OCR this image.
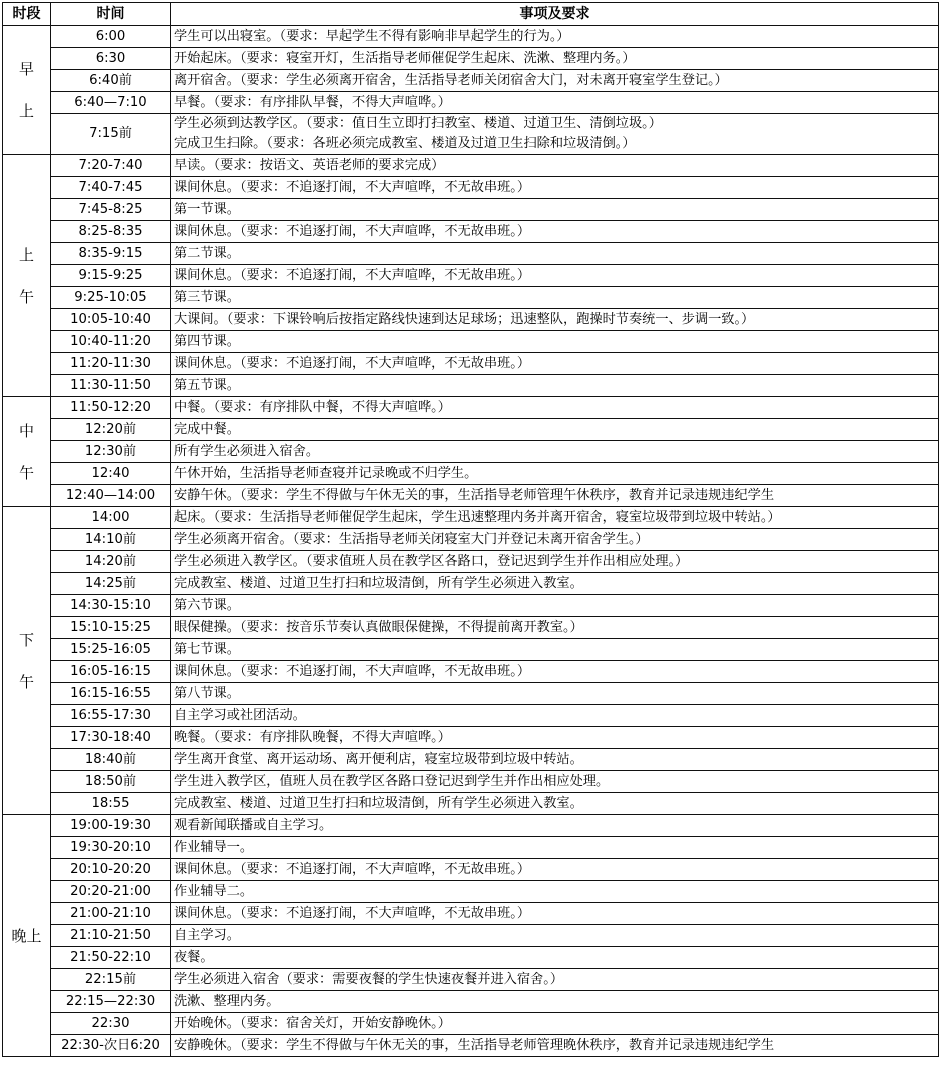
时段	时间	事项及要求

早
上	6:00	学生可以出寝室。（要求：早起学生不得有影响非早起学生的行为。）
	6:30	开始起床。（要求：寝室开灯，生活指导老师催促学生起床、洗漱、整理内务。）
	6:40前	离开宿舍。（要求：学生必须离开宿舍，生活指导老师关闭宿舍大门，对未离开寝室学生登记。）
	6:40—7:10	早餐。（要求：有序排队早餐，不得大声喧哗。）
	7:15前	学生必须到达教学区。（要求：值日生立即打扫教室、楼道、过道卫生、清倒垃圾。）
完成卫生扫除。（要求：各班必须完成教室、楼道及过道卫生扫除和垃圾清倒。）

上
午	7:20-7:40	早读。（要求：按语文、英语老师的要求完成）
	7:40-7:45	课间休息。（要求：不追逐打闹，不大声喧哗，不无故串班。）
	7:45-8:25	第一节课。
	8:25-8:35	课间休息。（要求：不追逐打闹，不大声喧哗，不无故串班。）
	8:35-9:15	第二节课。
	9:15-9:25	课间休息。（要求：不追逐打闹，不大声喧哗，不无故串班。）
	9:25-10:05	第三节课。
	10:05-10:40	大课间。（要求：下课铃响后按指定路线快速到达足球场；迅速整队，跑操时节奏统一、步调一致。）
	10:40-11:20	第四节课。
	11:20-11:30	课间休息。（要求：不追逐打闹，不大声喧哗，不无故串班。）
	11:30-11:50	第五节课。

中
午	11:50-12:20	中餐。（要求：有序排队中餐，不得大声喧哗。）
	12:20前	完成中餐。
	12:30前	所有学生必须进入宿舍。
	12:40	午休开始，生活指导老师查寝并记录晚或不归学生。
	12:40—14:00	安静午休。（要求：学生不得做与午休无关的事，生活指导老师管理午休秩序，教育并记录违规违纪学生

下
午	14:00	起床。（要求：生活指导老师催促学生起床，学生迅速整理内务并离开宿舍，寝室垃圾带到垃圾中转站。）
	14:10前	学生必须离开宿舍。（要求：生活指导老师关闭寝室大门并登记未离开宿舍学生。）
	14:20前	学生必须进入教学区。（要求值班人员在教学区各路口，登记迟到学生并作出相应处理。）
	14:25前	完成教室、楼道、过道卫生打扫和垃圾清倒，所有学生必须进入教室。
	14:30-15:10	第六节课。
	15:10-15:25	眼保健操。（要求：按音乐节奏认真做眼保健操，不得提前离开教室。）
	15:25-16:05	第七节课。
	16:05-16:15	课间休息。（要求：不追逐打闹，不大声喧哗，不无故串班。）
	16:15-16:55	第八节课。
	16:55-17:30	自主学习或社团活动。
	17:30-18:40	晚餐。（要求：有序排队晚餐，不得大声喧哗。）
	18:40前	学生离开食堂、离开运动场、离开便利店，寝室垃圾带到垃圾中转站。
	18:50前	学生进入教学区，值班人员在教学区各路口登记迟到学生并作出相应处理。
	18:55	完成教室、楼道、过道卫生打扫和垃圾清倒，所有学生必须进入教室。

晚上	19:00-19:30	观看新闻联播或自主学习。
	19:30-20:10	作业辅导一。
	20:10-20:20	课间休息。（要求：不追逐打闹，不大声喧哗，不无故串班。）
	20:20-21:00	作业辅导二。
	21:00-21:10	课间休息。（要求：不追逐打闹，不大声喧哗，不无故串班。）
	21:10-21:50	自主学习。
	21:50-22:10	夜餐。
	22:15前	学生必须进入宿舍（要求：需要夜餐的学生快速夜餐并进入宿舍。）
	22:15—22:30	洗漱、整理内务。
	22:30	开始晚休。（要求：宿舍关灯，开始安静晚休。）
	22:30-次日6:20	安静晚休。（要求：学生不得做与午休无关的事，生活指导老师管理晚休秩序，教育并记录违规违纪学生
